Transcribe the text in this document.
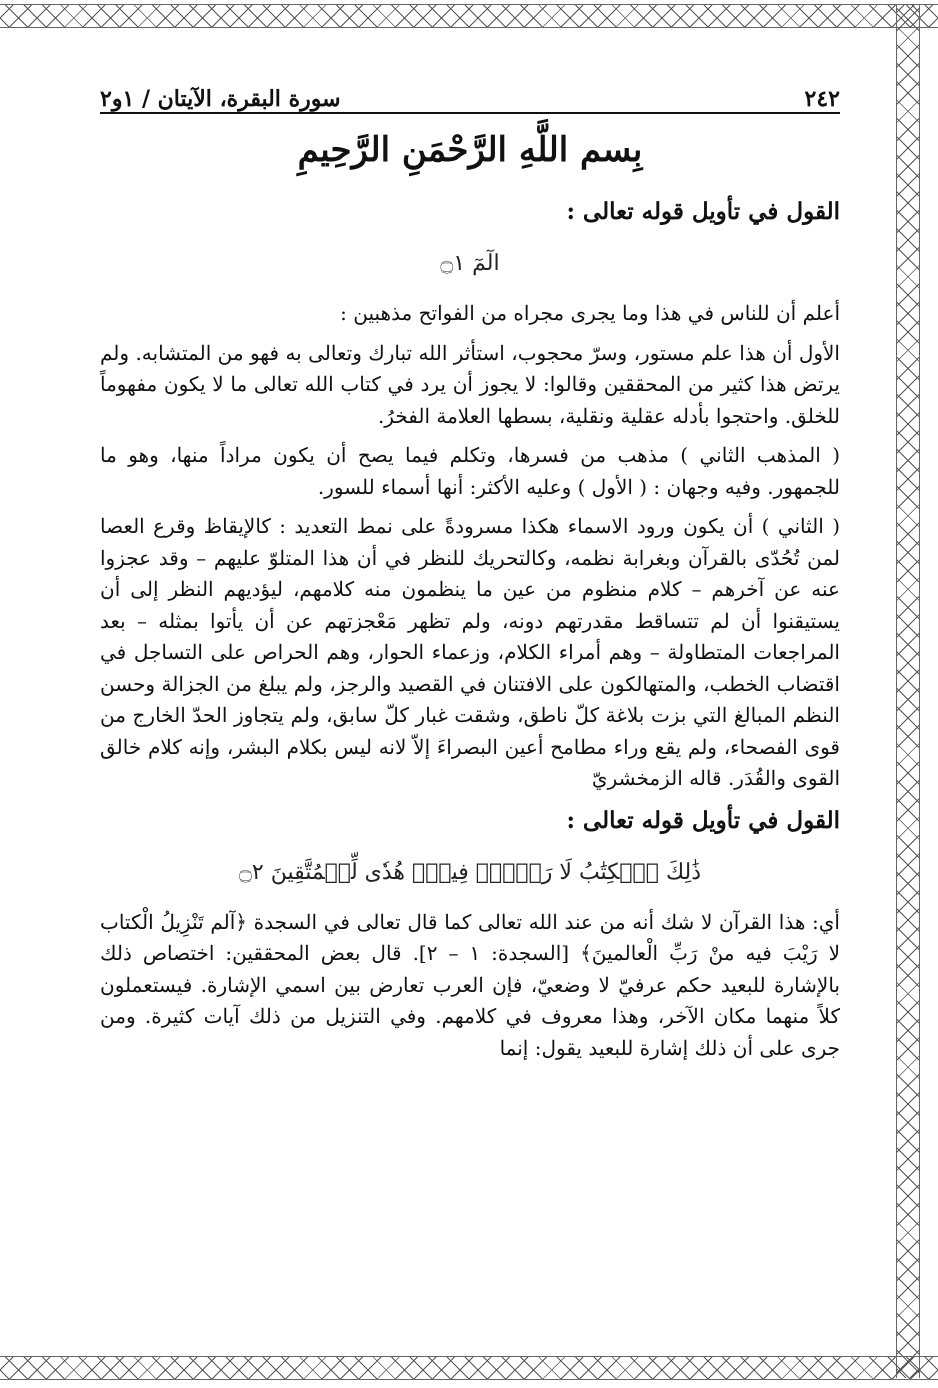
٢٤٢
سورة البقرة، الآيتان / ١و٢
بِسم اللَّهِ الرَّحْمَنِ الرَّحِيمِ
القول في تأويل قوله تعالى :
الٓمٓ ۝١

أعلم أن للناس في هذا وما يجرى مجراه من الفواتح مذهبين :

الأول أن هذا علم مستور، وسرّ محجوب، استأثر الله تبارك وتعالى به فهو من المتشابه. ولم يرتض هذا كثير من المحققين وقالوا: لا يجوز أن يرد في كتاب الله تعالى ما لا يكون مفهوماً للخلق. واحتجوا بأدله عقلية ونقلية، بسطها العلامة الفخرُ.

( المذهب الثاني ) مذهب من فسرها، وتكلم فيما يصح أن يكون مراداً منها، وهو ما للجمهور. وفيه وجهان : ( الأول ) وعليه الأكثر: أنها أسماء للسور.

( الثاني ) أن يكون ورود الاسماء هكذا مسرودةً على نمط التعديد : كالإيقاظ وقرع العصا لمن تُحُدّى بالقرآن وبغرابة نظمه، وكالتحريك للنظر في أن هذا المتلوّ عليهم – وقد عجزوا عنه عن آخرهم – كلام منظوم من عين ما ينظمون منه كلامهم، ليؤديهم النظر إلى أن يستيقنوا أن لم تتساقط مقدرتهم دونه، ولم تظهر مَعْجزتهم عن أن يأتوا بمثله – بعد المراجعات المتطاولة – وهم أمراء الكلام، وزعماء الحوار، وهم الحراص على التساجل في اقتضاب الخطب، والمتهالكون على الافتنان في القصيد والرجز، ولم يبلغ من الجزالة وحسن النظم المبالغ التي بزت بلاغة كلّ ناطق، وشقت غبار كلّ سابق، ولم يتجاوز الحدّ الخارج من قوى الفصحاء، ولم يقع وراء مطامح أعين البصراءَ إلاّ لانه ليس بكلام البشر، وإنه كلام خالق القوى والقُدَر. قاله الزمخشريّ

القول في تأويل قوله تعالى :
ذَٰلِكَ ٱلۡكِتَٰبُ لَا رَيۡبَۛ فِيهِۛ هُدٗى لِّلۡمُتَّقِينَ ۝٢

أي: هذا القرآن لا شك أنه من عند الله تعالى كما قال تعالى في السجدة ﴿آلم تَنْزِيلُ الْكتاب لا رَيْبَ فيه منْ رَبِّ الْعالمينَ﴾ [السجدة: ١ – ٢]. قال بعض المحققين: اختصاص ذلك بالإشارة للبعيد حكم عرفيّ لا وضعيّ، فإن العرب تعارض بين اسمي الإشارة. فيستعملون كلاً منهما مكان الآخر، وهذا معروف في كلامهم. وفي التنزيل من ذلك آيات كثيرة. ومن جرى على أن ذلك إشارة للبعيد يقول: إنما
